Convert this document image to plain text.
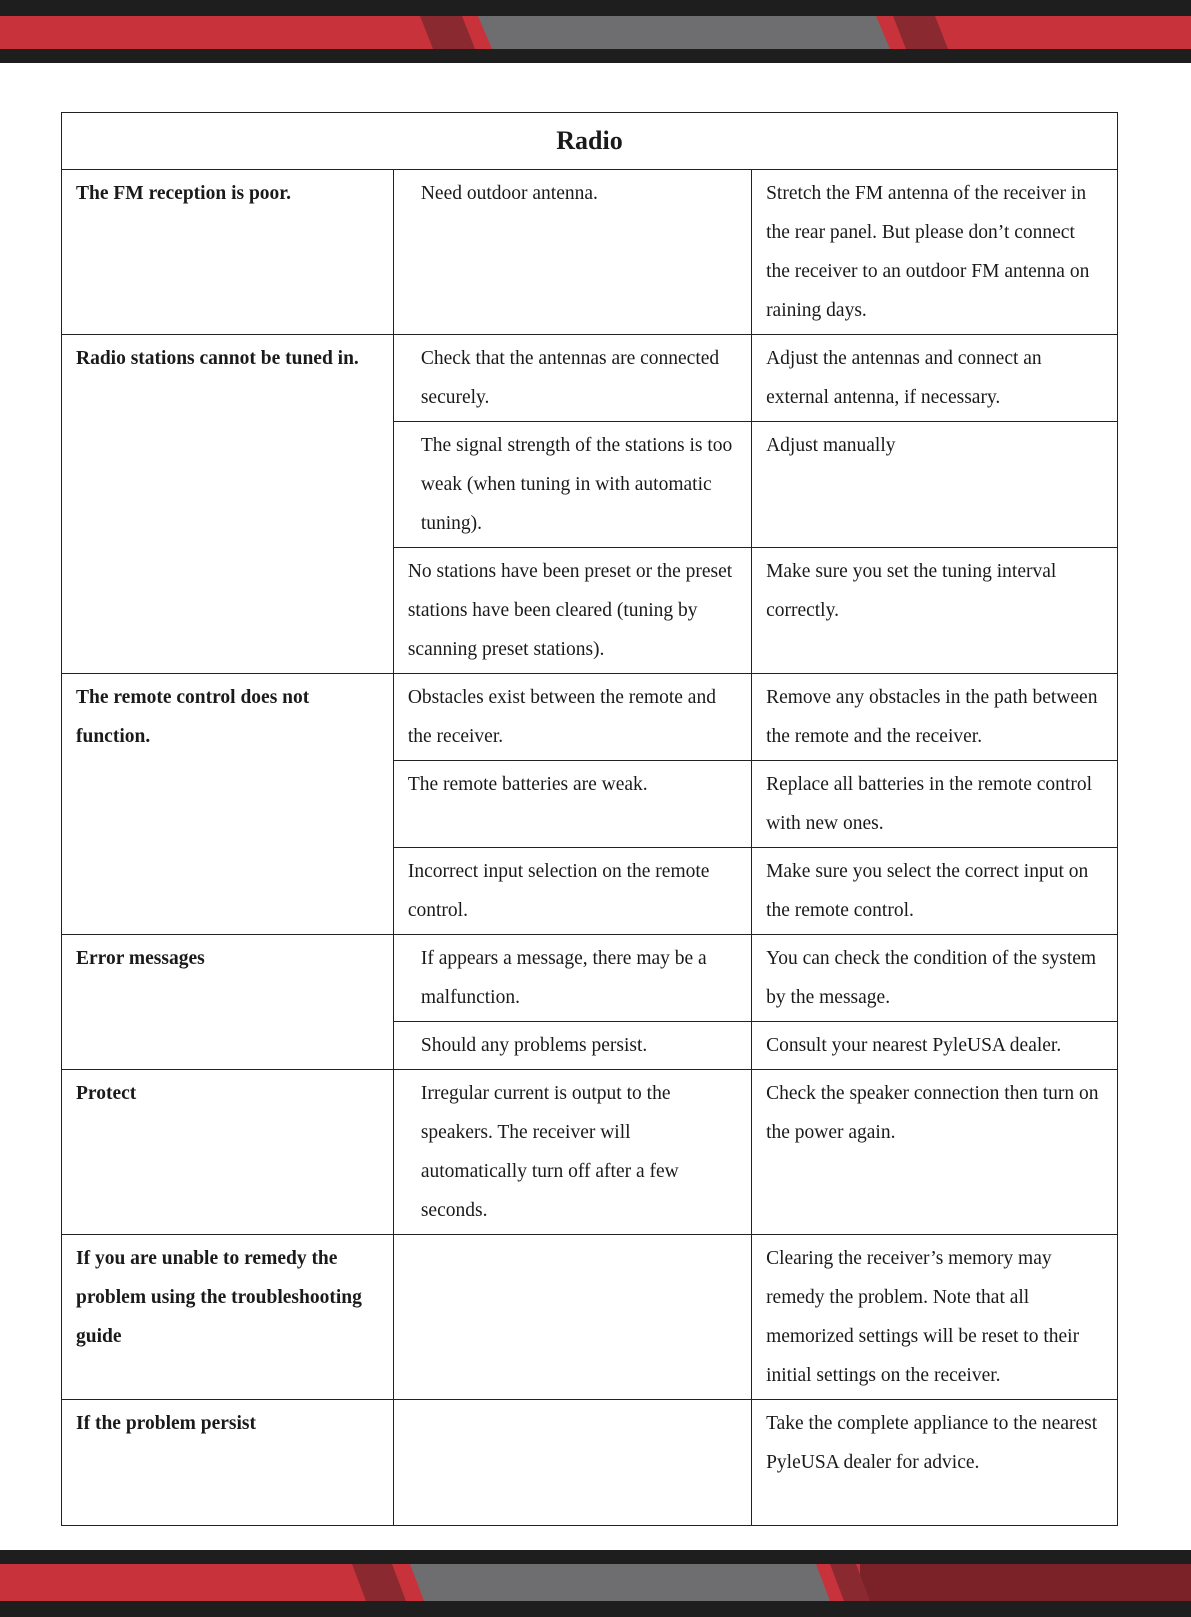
Radio		
The FM reception is poor.	Need outdoor antenna.	Stretch the FM antenna of the receiver in the rear panel. But please don’t connect the receiver to an outdoor FM antenna on raining days.
Radio stations cannot be tuned in.	Check that the antennas are connected securely.	Adjust the antennas and connect an external antenna, if necessary.
	The signal strength of the stations is too weak (when tuning in with automatic tuning).	Adjust manually
	No stations have been preset or the preset stations have been cleared (tuning by scanning preset stations).	Make sure you set the tuning interval correctly.
The remote control does not function.	Obstacles exist between the remote and the receiver.	Remove any obstacles in the path between the remote and the receiver.
	The remote batteries are weak.	Replace all batteries in the remote control with new ones.
	Incorrect input selection on the remote control.	Make sure you select the correct input on the remote control.
Error messages	If appears a message, there may be a malfunction.	You can check the condition of the system by the message.
	Should any problems persist.	Consult your nearest PyleUSA dealer.
Protect	Irregular current is output to the speakers. The receiver will automatically turn off after a few seconds.	Check the speaker connection then turn on the power again.
If you are unable to remedy the problem using the troubleshooting guide		Clearing the receiver’s memory may remedy the problem. Note that all memorized settings will be reset to their initial settings on the receiver.
If the problem persist		Take the complete appliance to the nearest PyleUSA dealer for advice.
